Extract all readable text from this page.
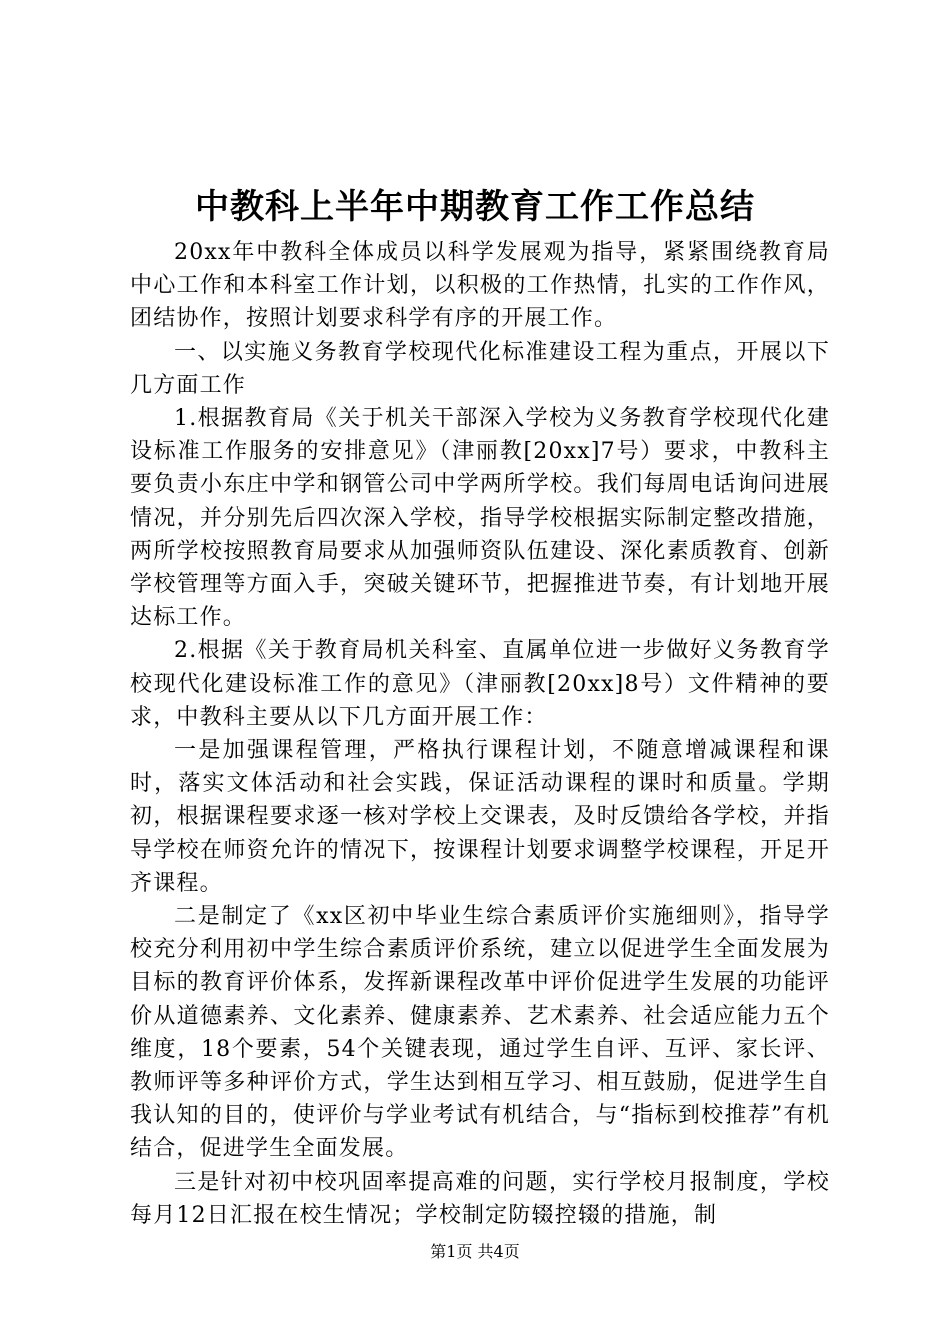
中教科上半年中期教育工作工作总结

20xx年中教科全体成员以科学发展观为指导，紧紧围绕教育局中心工作和本科室工作计划，以积极的工作热情，扎实的工作作风，团结协作，按照计划要求科学有序的开展工作。

一、以实施义务教育学校现代化标准建设工程为重点，开展以下几方面工作

1.根据教育局《关于机关干部深入学校为义务教育学校现代化建设标准工作服务的安排意见》（津丽教[20xx]7号）要求，中教科主要负责小东庄中学和钢管公司中学两所学校。我们每周电话询问进展情况，并分别先后四次深入学校，指导学校根据实际制定整改措施，两所学校按照教育局要求从加强师资队伍建设、深化素质教育、创新学校管理等方面入手，突破关键环节，把握推进节奏，有计划地开展达标工作。

2.根据《关于教育局机关科室、直属单位进一步做好义务教育学校现代化建设标准工作的意见》（津丽教[20xx]8号）文件精神的要求，中教科主要从以下几方面开展工作：

一是加强课程管理，严格执行课程计划，不随意增减课程和课时，落实文体活动和社会实践，保证活动课程的课时和质量。学期初，根据课程要求逐一核对学校上交课表，及时反馈给各学校，并指导学校在师资允许的情况下，按课程计划要求调整学校课程，开足开齐课程。

二是制定了《xx区初中毕业生综合素质评价实施细则》，指导学校充分利用初中学生综合素质评价系统，建立以促进学生全面发展为目标的教育评价体系，发挥新课程改革中评价促进学生发展的功能评价从道德素养、文化素养、健康素养、艺术素养、社会适应能力五个维度，18个要素，54个关键表现，通过学生自评、互评、家长评、教师评等多种评价方式，学生达到相互学习、相互鼓励，促进学生自我认知的目的，使评价与学业考试有机结合，与“指标到校推荐”有机结合，促进学生全面发展。

三是针对初中校巩固率提高难的问题，实行学校月报制度，学校每月12日汇报在校生情况；学校制定防辍控辍的措施，制

第1页 共4页
